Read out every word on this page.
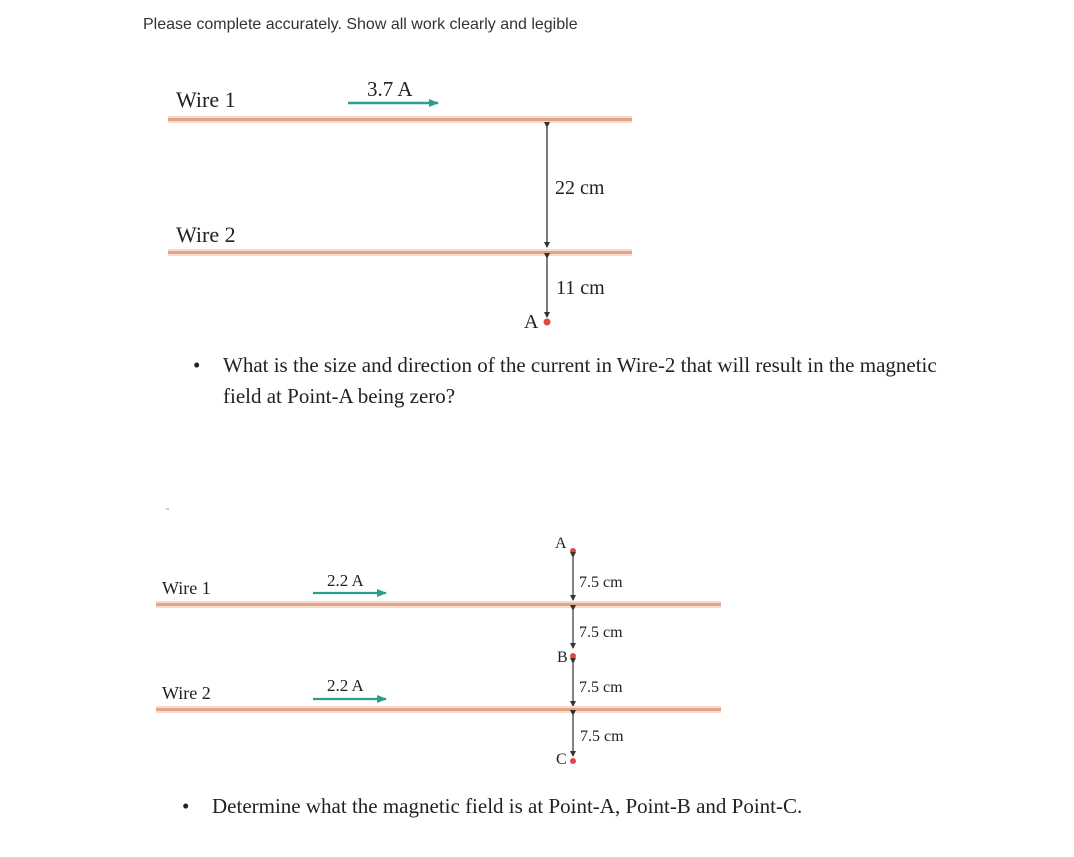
Please complete accurately. Show all work clearly and legible
Wire 1	3.7 A
22 cm
Wire 2
11 cm
A
A
Wire 1	2.2 A	7.5 cm
7.5 cm
B
7.5 cm
Wire 2	2.2 A
7.5 cm
C
• What is the size and direction of the current in Wire-2 that will result in the magnetic field at Point-A being zero?
• Determine what the magnetic field is at Point-A, Point-B and Point-C.
